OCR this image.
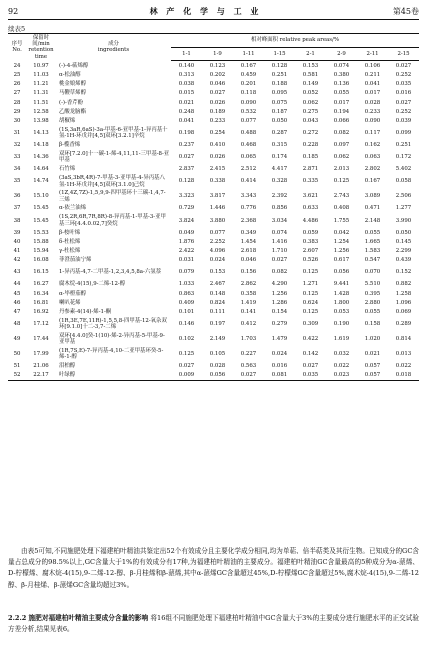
92	林 产 化 学 与 工 业	第45卷
续表5
序号
No.	保留时间/min
retention time	成分
ingredients	相对峰面积 relative peak areas/%							
			1-1	1-9	1-11	1-15	2-1	2-9	2-11	2-15
24	10.97	(-)-4-萜烯醇	0.140	0.123	0.167	0.128	0.153	0.074	0.106	0.027
25	11.03	α-松油醇	0.313	0.202	0.459	0.251	0.581	0.380	0.211	0.252
26	11.21	桃金娘烯醇	0.038	0.046	0.201	0.188	0.149	0.136	0.041	0.035
27	11.31	马鞭草烯醇	0.015	0.027	0.118	0.095	0.052	0.055	0.017	0.016
28	11.51	(-)-香芹酚	0.021	0.026	0.090	0.075	0.062	0.017	0.028	0.027
29	12.58	乙酸龙脑酯	0.248	0.189	0.532	0.187	0.275	0.194	0.233	0.252
30	13.98	胡椒烯	0.041	0.233	0.077	0.050	0.043	0.066	0.090	0.039
31	14.13	(1S,3aR,6aS)-3a-甲基-6-亚甲基-1-异丙基十氢-1H-环戊并[4,5]双环[3.2.1]辛烷	0.198	0.254	0.488	0.287	0.272	0.082	0.117	0.099
32	14.18	β-榄香烯	0.237	0.410	0.468	0.315	0.228	0.097	0.162	0.251
33	14.36	双环[7.2.0]十一碳-1-烯-4,11,11-三甲基-8-亚甲基	0.027	0.026	0.065	0.174	0.185	0.062	0.063	0.172
34	14.64	石竹烯	2.837	2.415	2.512	4.417	2.871	2.013	2.802	5.402
35	14.74	(3aS,3bR,4R)-7-甲基-3-亚甲基-4-异丙基八氢-1H-环戊并[4,5]双环[3.1.0]己烷	0.128	0.338	0.414	0.328	0.335	0.125	0.167	0.058
36	15.10	(1Z,4Z,7Z)-1,5,9,9-四甲基环十三碳-1,4,7-三烯	3.323	3.817	3.343	2.392	3.621	2.743	3.089	2.506
37	15.45	α-依兰油烯	0.729	1.446	0.776	0.856	0.633	0.408	0.471	1.277
38	15.45	(1S,2R,6R,7R,8R)-8-异丙基-1-甲基-3-亚甲基三环[4.4.0.02,7]癸烷	3.824	3.880	2.368	3.034	4.486	1.755	2.148	3.990
39	15.53	β-桉叶烯	0.049	0.077	0.349	0.074	0.059	0.042	0.055	0.050
40	15.88	δ-杜松烯	1.876	2.252	1.454	1.416	0.383	1.254	1.665	0.145
41	15.94	γ-杜松烯	2.422	4.096	2.618	1.710	2.607	1.256	1.583	2.299
42	16.08	菲澄茄油宁烯	0.031	0.024	0.046	0.027	0.526	0.617	0.547	0.439
43	16.15	1-异丙基-4,7-二甲基-1,2,3,4,5,8a-六氢萘	0.079	0.153	0.156	0.082	0.125	0.056	0.070	0.152
44	16.27	腐木烷-4(15),9-二烯-12-醇	1.033	2.467	2.862	4.290	1.271	9.441	5.510	0.882
45	16.34	α-毕橙茄醇	0.863	0.148	0.358	1.256	0.125	1.428	0.395	1.258
46	16.81	喇叭花烯	0.409	0.824	1.419	1.286	0.624	1.800	2.880	1.096
47	16.92	丹参素-4(14)-烯-1-酮	0.101	0.111	0.141	0.154	0.125	0.053	0.055	0.069
48	17.12	(1R,3E,7E,11R)-1,5,5,8-四甲基-12-氧杂双环[9.1.0]十二-3,7-二烯	0.146	0.197	0.412	0.279	0.309	0.190	0.158	0.289
49	17.44	双环[4.4.0]癸-1(10)-烯-2-异丙基-5-甲基-9-亚甲基	0.102	2.149	1.703	1.479	0.422	1.619	1.020	0.814
50	17.99	(1R,7S,E)-7-异丙基-4,10-二亚甲基环癸-5-烯-1-醇	0.125	0.105	0.227	0.024	0.142	0.032	0.021	0.013
51	21.06	泪柏醇	0.027	0.028	0.563	0.016	0.027	0.022	0.057	0.022
52	22.17	叶绿醇	0.009	0.056	0.027	0.081	0.035	0.023	0.057	0.018
由表5可知,不同施肥处理下福建柏叶精油共鉴定出52个有效成分且主要化学成分相同,均为单萜、倍半萜类及其衍生物。已知成分的GC含量占总成分的98.5%以上,GC含量大于1%的有效成分有17种,为福建柏叶精油的主要成分。福建柏叶精油GC含量最高的5种成分为α-蒎烯、D-柠檬烯、腐木烷-4(15),9-二烯-12-醇、β-月桂烯和β-蒎烯,其中α-蒎烯GC含量超过45%,D-柠檬烯GC含量超过5%,腐木烷-4(15),9-二烯-12醇、β-月桂烯、β-蒎烯GC含量均超过3%。
2.2.2 施肥对福建柏叶精油主要成分含量的影响 将16组不同施肥处理下福建柏叶精油中GC含量大于3%的主要成分进行施肥水平的正交试验方差分析,结果见表6。
